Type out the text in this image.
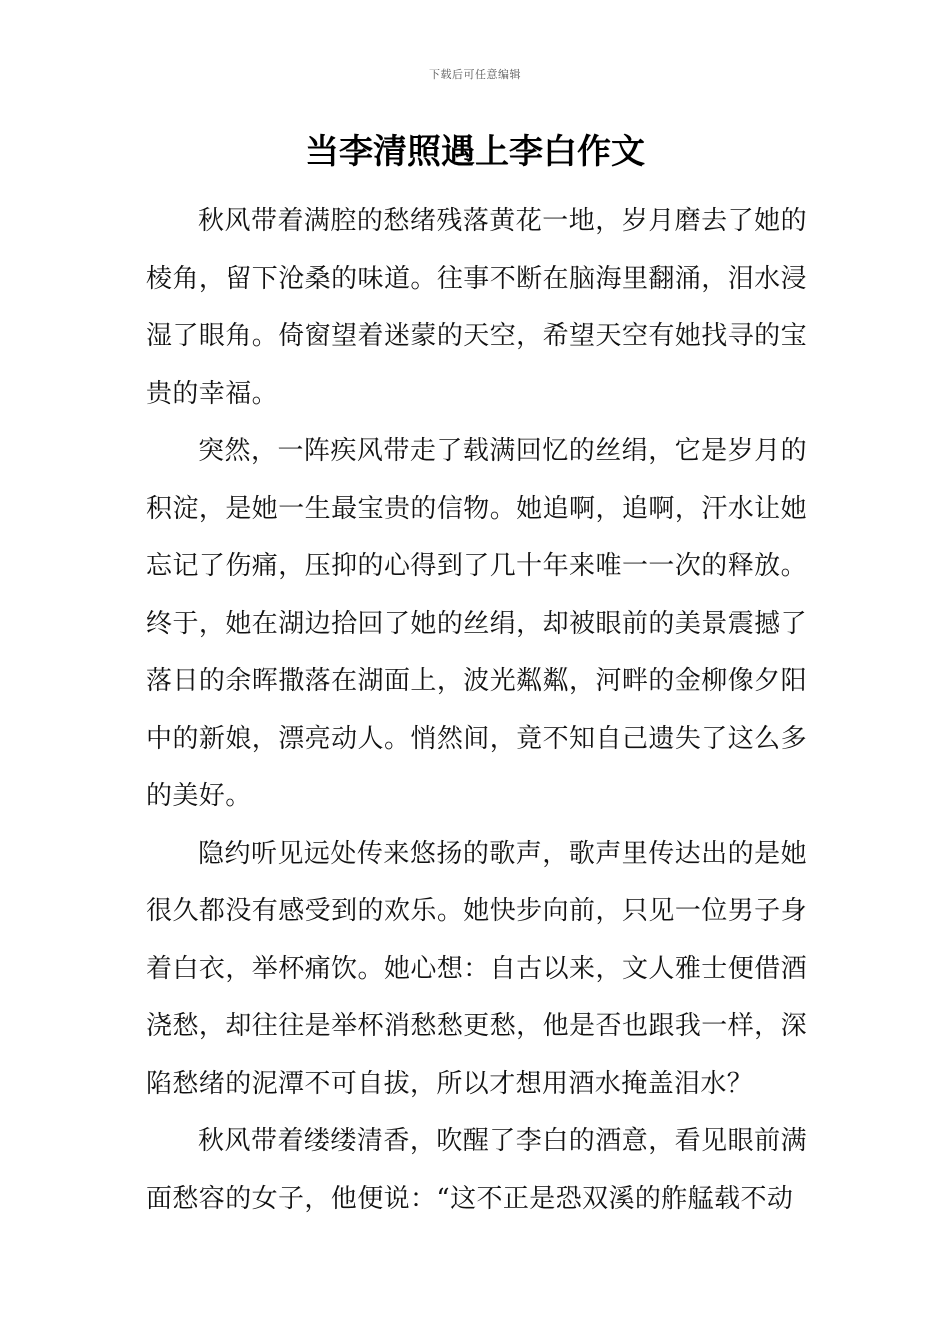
下载后可任意编辑
当李清照遇上李白作文

秋风带着满腔的愁绪残落黄花一地，岁月磨去了她的棱角，留下沧桑的味道。往事不断在脑海里翻涌，泪水浸湿了眼角。倚窗望着迷蒙的天空，希望天空有她找寻的宝贵的幸福。

突然，一阵疾风带走了载满回忆的丝绢，它是岁月的积淀，是她一生最宝贵的信物。她追啊，追啊，汗水让她忘记了伤痛，压抑的心得到了几十年来唯一一次的释放。终于，她在湖边拾回了她的丝绢，却被眼前的美景震撼了落日的余晖撒落在湖面上，波光粼粼，河畔的金柳像夕阳中的新娘，漂亮动人。悄然间，竟不知自己遗失了这么多的美好。

隐约听见远处传来悠扬的歌声，歌声里传达出的是她很久都没有感受到的欢乐。她快步向前，只见一位男子身着白衣，举杯痛饮。她心想：自古以来，文人雅士便借酒浇愁，却往往是举杯消愁愁更愁，他是否也跟我一样，深陷愁绪的泥潭不可自拔，所以才想用酒水掩盖泪水？

秋风带着缕缕清香，吹醒了李白的酒意，看见眼前满面愁容的女子，他便说：“这不正是恐双溪的舴艋载不动
